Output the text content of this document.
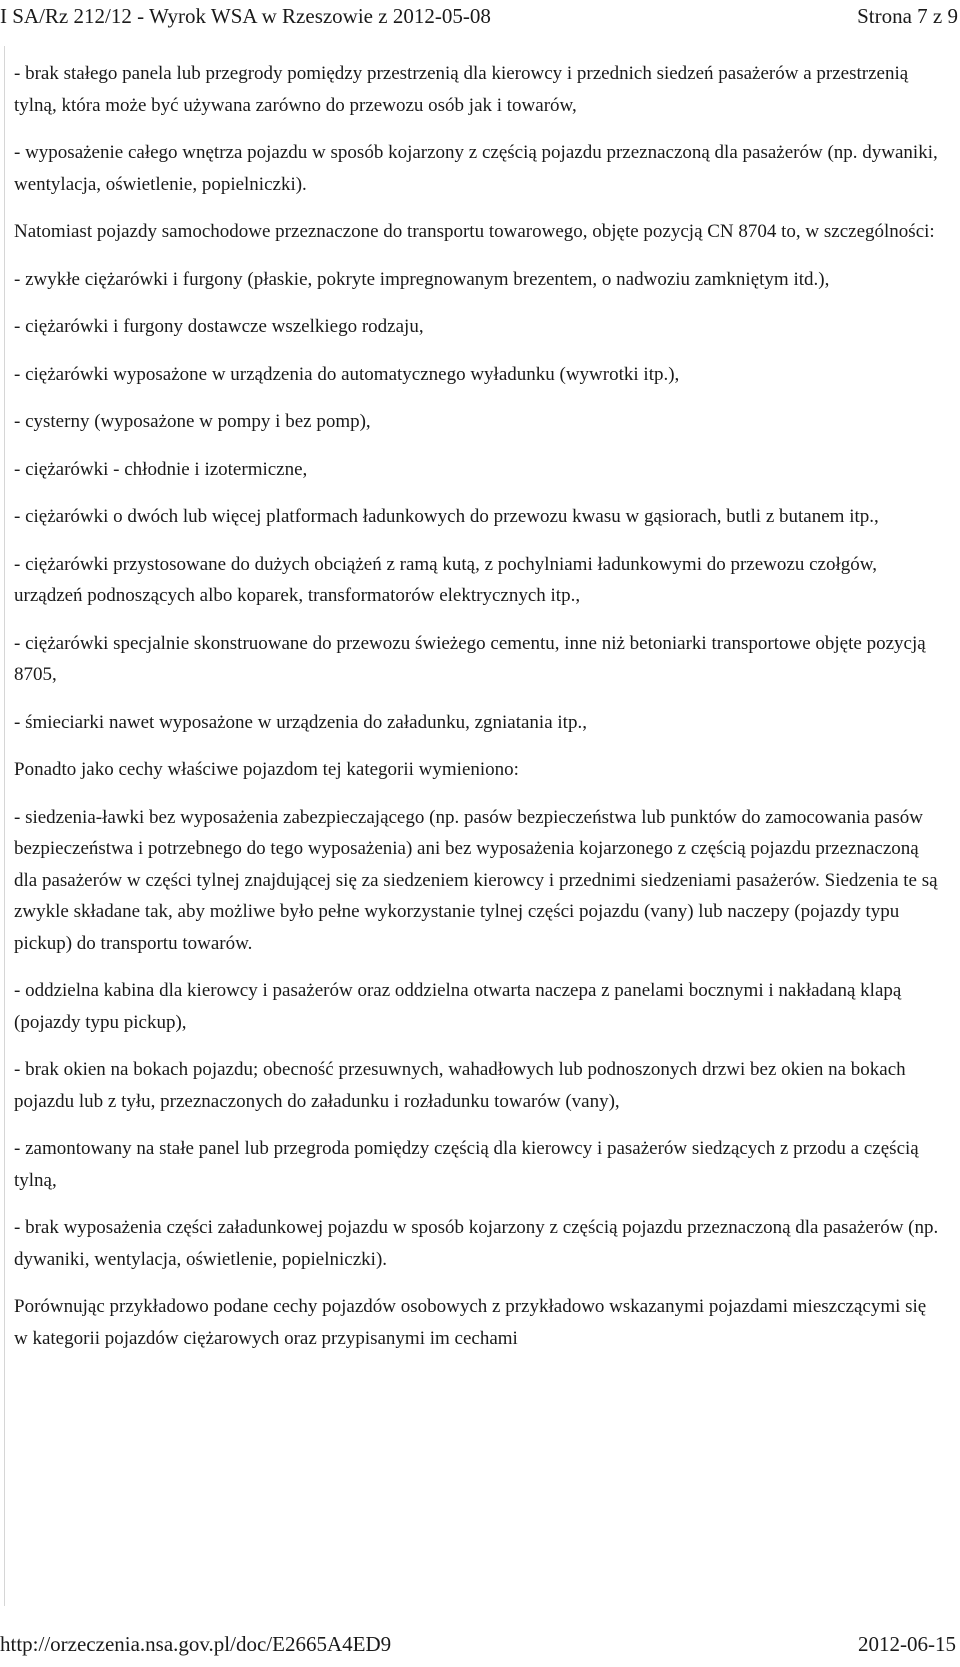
I SA/Rz 212/12 - Wyrok WSA w Rzeszowie z 2012-05-08	Strona 7 z 9

- brak stałego panela lub przegrody pomiędzy przestrzenią dla kierowcy i przednich siedzeń pasażerów a przestrzenią tylną, która może być używana zarówno do przewozu osób jak i towarów,

- wyposażenie całego wnętrza pojazdu w sposób kojarzony z częścią pojazdu przeznaczoną dla pasażerów (np. dywaniki, wentylacja, oświetlenie, popielniczki).

Natomiast pojazdy samochodowe przeznaczone do transportu towarowego, objęte pozycją CN 8704 to, w szczególności:

- zwykłe ciężarówki i furgony (płaskie, pokryte impregnowanym brezentem, o nadwoziu zamkniętym itd.),

- ciężarówki i furgony dostawcze wszelkiego rodzaju,

- ciężarówki wyposażone w urządzenia do automatycznego wyładunku (wywrotki itp.),

- cysterny (wyposażone w pompy i bez pomp),

- ciężarówki - chłodnie i izotermiczne,

- ciężarówki o dwóch lub więcej platformach ładunkowych do przewozu kwasu w gąsiorach, butli z butanem itp.,

- ciężarówki przystosowane do dużych obciążeń z ramą kutą, z pochylniami ładunkowymi do przewozu czołgów, urządzeń podnoszących albo koparek, transformatorów elektrycznych itp.,

- ciężarówki specjalnie skonstruowane do przewozu świeżego cementu, inne niż betoniarki transportowe objęte pozycją 8705,

- śmieciarki nawet wyposażone w urządzenia do załadunku, zgniatania itp.,

Ponadto jako cechy właściwe pojazdom tej kategorii wymieniono:

- siedzenia-ławki bez wyposażenia zabezpieczającego (np. pasów bezpieczeństwa lub punktów do zamocowania pasów bezpieczeństwa i potrzebnego do tego wyposażenia) ani bez wyposażenia kojarzonego z częścią pojazdu przeznaczoną dla pasażerów w części tylnej znajdującej się za siedzeniem kierowcy i przednimi siedzeniami pasażerów. Siedzenia te są zwykle składane tak, aby możliwe było pełne wykorzystanie tylnej części pojazdu (vany) lub naczepy (pojazdy typu pickup) do transportu towarów.

- oddzielna kabina dla kierowcy i pasażerów oraz oddzielna otwarta naczepa z panelami bocznymi i nakładaną klapą (pojazdy typu pickup),

- brak okien na bokach pojazdu; obecność przesuwnych, wahadłowych lub podnoszonych drzwi bez okien na bokach pojazdu lub z tyłu, przeznaczonych do załadunku i rozładunku towarów (vany),

- zamontowany na stałe panel lub przegroda pomiędzy częścią dla kierowcy i pasażerów siedzących z przodu a częścią tylną,

- brak wyposażenia części załadunkowej pojazdu w sposób kojarzony z częścią pojazdu przeznaczoną dla pasażerów (np. dywaniki, wentylacja, oświetlenie, popielniczki).

Porównując przykładowo podane cechy pojazdów osobowych z przykładowo wskazanymi pojazdami mieszczącymi się w kategorii pojazdów ciężarowych oraz przypisanymi im cechami

http://orzeczenia.nsa.gov.pl/doc/E2665A4ED9	2012-06-15
